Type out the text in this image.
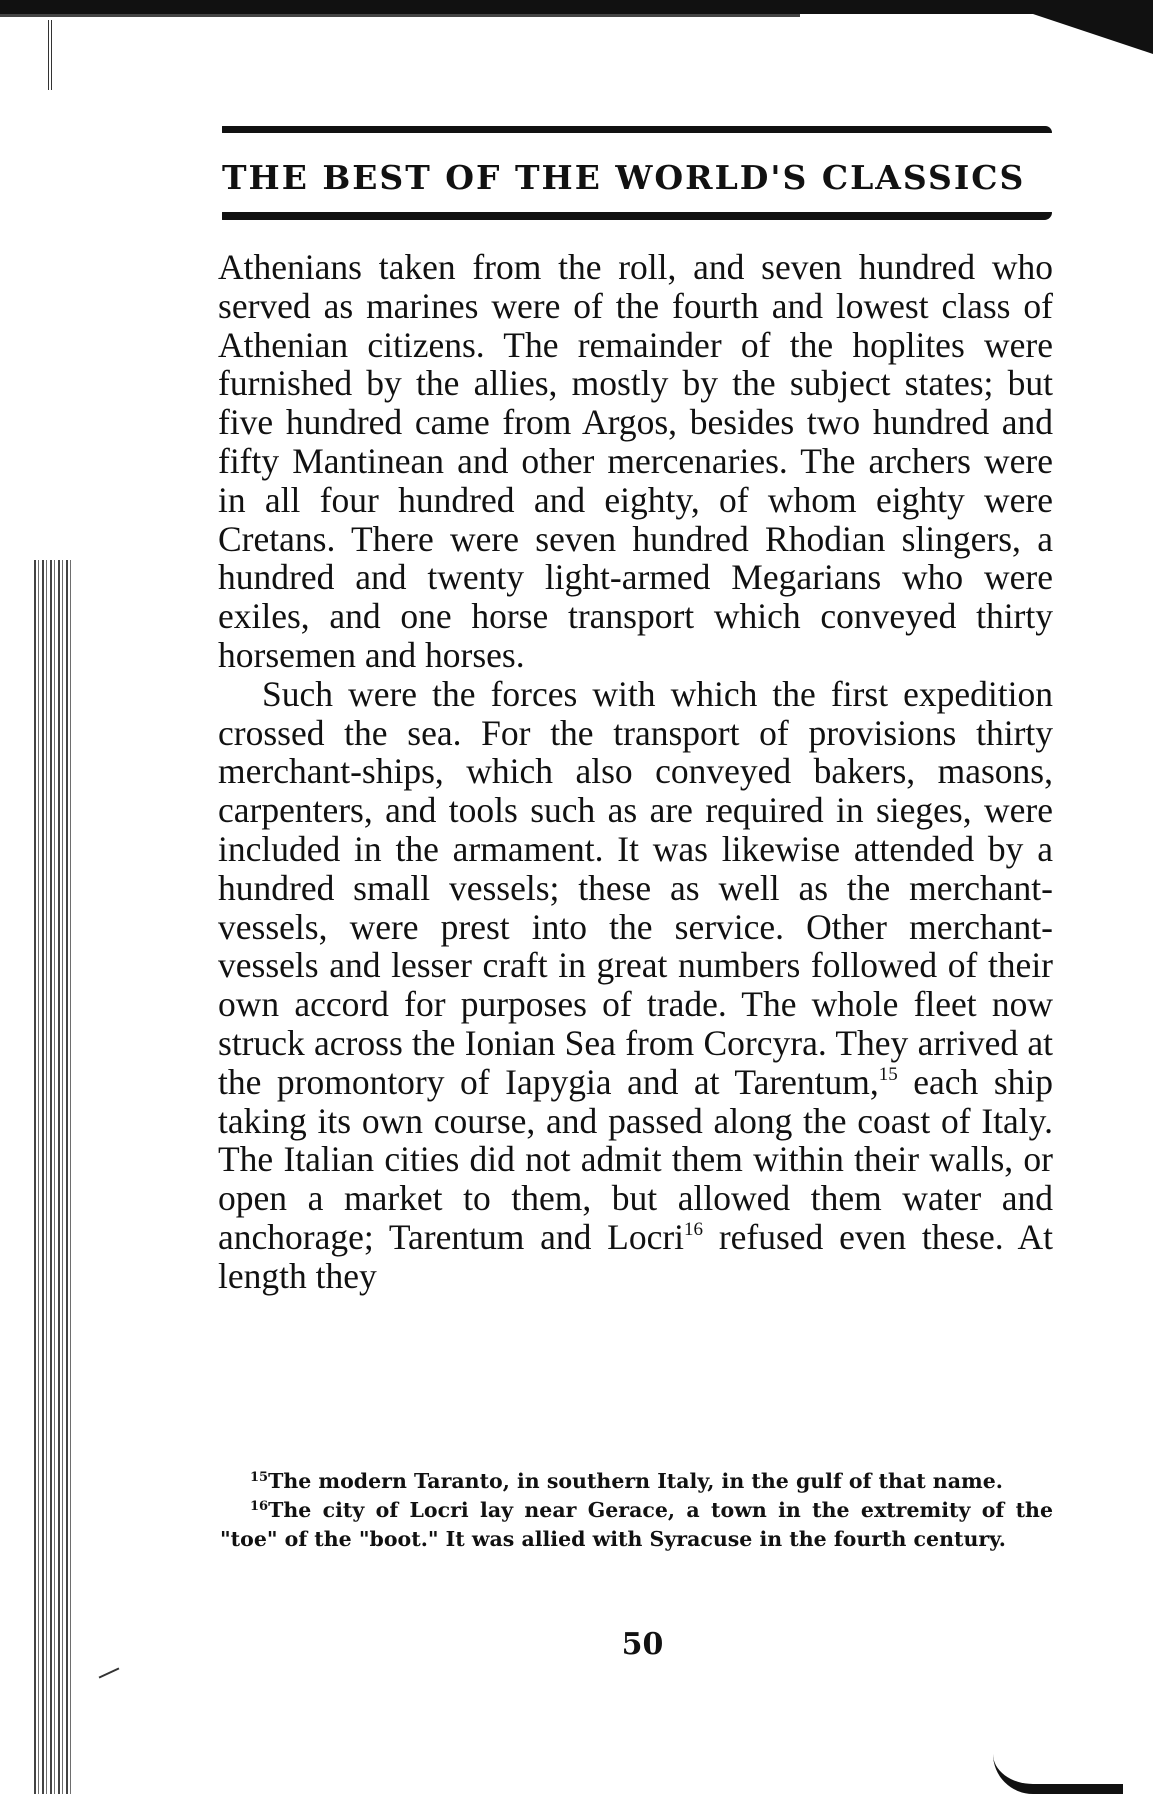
THE BEST OF THE WORLD'S CLASSICS

Athenians taken from the roll, and seven hundred who served as marines were of the fourth and lowest class of Athenian citizens. The remainder of the hoplites were furnished by the allies, mostly by the subject states; but five hundred came from Argos, besides two hundred and fifty Mantinean and other mercenaries. The archers were in all four hundred and eighty, of whom eighty were Cretans. There were seven hundred Rhodian slingers, a hundred and twenty light-armed Megarians who were exiles, and one horse transport which conveyed thirty horsemen and horses.

Such were the forces with which the first expedition crossed the sea. For the transport of provisions thirty merchant-ships, which also conveyed bakers, masons, carpenters, and tools such as are required in sieges, were included in the armament. It was likewise attended by a hundred small vessels; these as well as the merchant-vessels, were prest into the service. Other merchant-vessels and lesser craft in great numbers followed of their own accord for purposes of trade. The whole fleet now struck across the Ionian Sea from Corcyra. They arrived at the promontory of Iapygia and at Tarentum,$^{15}$ each ship taking its own course, and passed along the coast of Italy. The Italian cities did not admit them within their walls, or open a market to them, but allowed them water and anchorage; Tarentum and Locri$^{16}$ refused even these. At length they

$^{15}$The modern Taranto, in southern Italy, in the gulf of that name.

$^{16}$The city of Locri lay near Gerace, a town in the extremity of the "toe" of the "boot." It was allied with Syracuse in the fourth century.

50
